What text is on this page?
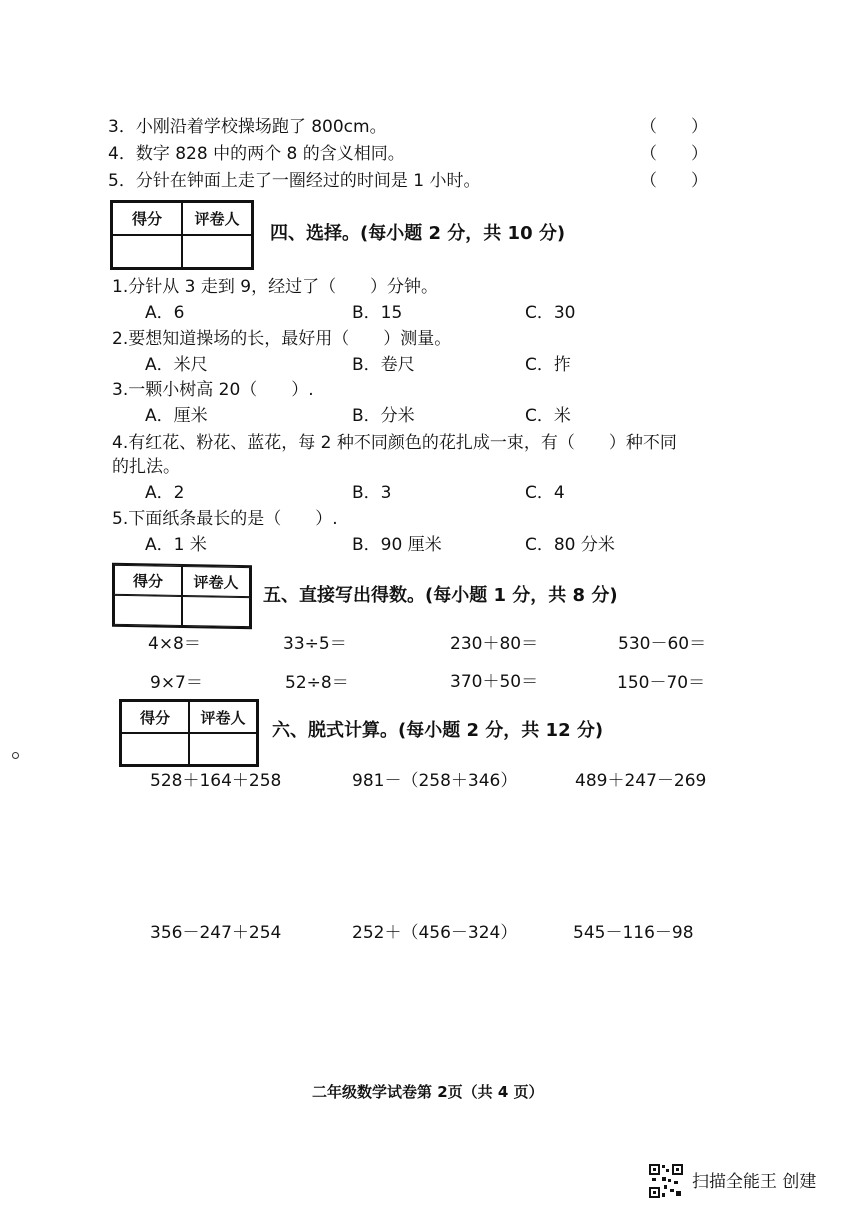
3．小刚沿着学校操场跑了 800cm。	（　　）
4．数字 828 中的两个 8 的含义相同。	（　　）
5．分针在钟面上走了一圈经过的时间是 1 小时。	（　　）
得分	评卷人
四、选择。(每小题 2 分，共 10 分)
1.分针从 3 走到 9，经过了（　　）分钟。
A．6	B．15	C．30
2.要想知道操场的长，最好用（　　）测量。
A．米尺	B．卷尺	C．拃
3.一颗小树高 20（　　）.
A．厘米	B．分米	C．米
4.有红花、粉花、蓝花，每 2 种不同颜色的花扎成一束，有（　　）种不同
的扎法。
A．2	B．3	C．4
5.下面纸条最长的是（　　）.
A．1 米	B．90 厘米	C．80 分米
得分	评卷人
五、直接写出得数。(每小题 1 分，共 8 分)
4×8＝	33÷5＝	230＋80＝	530－60＝
9×7＝	52÷8＝	370＋50＝	150－70＝
得分	评卷人
六、脱式计算。(每小题 2 分，共 12 分)
528＋164＋258	981－（258＋346）	489＋247－269
356－247＋254	252＋（456－324）	545－116－98
二年级数学试卷第 2页（共 4 页）
扫描全能王 创建
